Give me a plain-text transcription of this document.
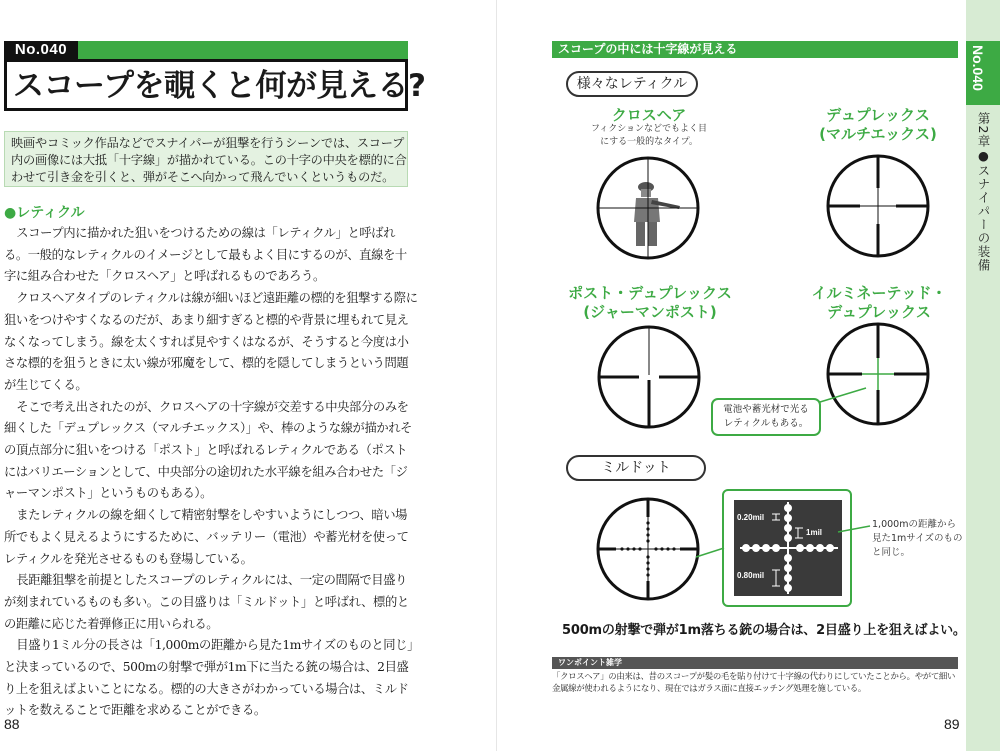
No.040
スコープを覗くと何が見える?

映画やコミック作品などでスナイパーが狙撃を行うシーンでは、スコープ内の画像には大抵「十字線」が描かれている。この十字の中央を標的に合わせて引き金を引くと、弾がそこへ向かって飛んでいくというものだ。

●レティクル

スコープ内に描かれた狙いをつけるための線は「レティクル」と呼ばれる。一般的なレティクルのイメージとして最もよく目にするのが、直線を十字に組み合わせた「クロスヘア」と呼ばれるものであろう。

クロスヘアタイプのレティクルは線が細いほど遠距離の標的を狙撃する際に狙いをつけやすくなるのだが、あまり細すぎると標的や背景に埋もれて見えなくなってしまう。線を太くすれば見やすくはなるが、そうすると今度は小さな標的を狙うときに太い線が邪魔をして、標的を隠してしまうという問題が生じてくる。

そこで考え出されたのが、クロスヘアの十字線が交差する中央部分のみを細くした「デュプレックス（マルチエックス）」や、棒のような線が描かれその頂点部分に狙いをつける「ポスト」と呼ばれるレティクルである（ポストにはバリエーションとして、中央部分の途切れた水平線を組み合わせた「ジャーマンポスト」というものもある）。

またレティクルの線を細くして精密射撃をしやすいようにしつつ、暗い場所でもよく見えるようにするために、バッテリー（電池）や蓄光材を使ってレティクルを発光させるものも登場している。

長距離狙撃を前提としたスコープのレティクルには、一定の間隔で目盛りが刻まれているものも多い。この目盛りは「ミルドット」と呼ばれ、標的との距離に応じた着弾修正に用いられる。

目盛り1ミル分の長さは「1,000mの距離から見た1mサイズのものと同じ」と決まっているので、500mの射撃で弾が1m下に当たる銃の場合は、2目盛り上を狙えばよいことになる。標的の大きさがわかっている場合は、ミルドットを数えることで距離を求めることができる。

88
スコープの中には十字線が見える
様々なレティクル
クロスヘア
フィクションなどでもよく目にする一般的なタイプ。
デュプレックス
(マルチエックス)
ポスト・デュプレックス
(ジャーマンポスト)
イルミネーテッド・
デュプレックス
ミルドット
電池や蓄光材で光る
レティクルもある。
0.20mil
1mil
0.80mil
1,000mの距離から見た1mサイズのものと同じ。
500mの射撃で弾が1m落ちる銃の場合は、2目盛り上を狙えばよい。
ワンポイント雑学
「クロスヘア」の由来は、昔のスコープが髪の毛を貼り付けて十字線の代わりにしていたことから。やがて細い金属線が使われるようになり、現在ではガラス面に直接エッチング処理を施している。
89
No.040
第2章●スナイパーの装備
